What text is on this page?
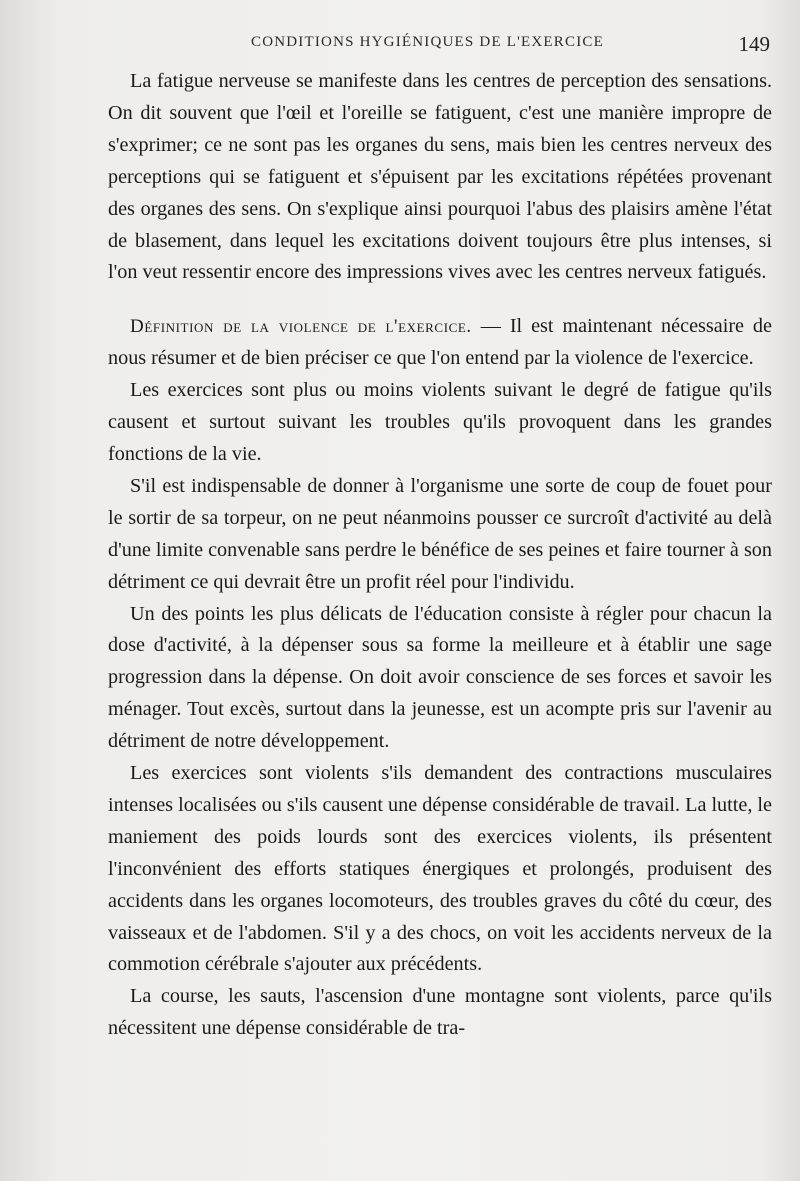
CONDITIONS HYGIÉNIQUES DE L'EXERCICE	149

La fatigue nerveuse se manifeste dans les centres de perception des sensations. On dit souvent que l'œil et l'oreille se fatiguent, c'est une manière impropre de s'exprimer; ce ne sont pas les organes du sens, mais bien les centres nerveux des perceptions qui se fatiguent et s'épuisent par les excitations répétées provenant des organes des sens. On s'explique ainsi pourquoi l'abus des plaisirs amène l'état de blasement, dans lequel les excitations doivent toujours être plus intenses, si l'on veut ressentir encore des impressions vives avec les centres nerveux fatigués.

Définition de la violence de l'exercice. — Il est maintenant nécessaire de nous résumer et de bien préciser ce que l'on entend par la violence de l'exercice.

Les exercices sont plus ou moins violents suivant le degré de fatigue qu'ils causent et surtout suivant les troubles qu'ils provoquent dans les grandes fonctions de la vie.

S'il est indispensable de donner à l'organisme une sorte de coup de fouet pour le sortir de sa torpeur, on ne peut néanmoins pousser ce surcroît d'activité au delà d'une limite convenable sans perdre le bénéfice de ses peines et faire tourner à son détriment ce qui devrait être un profit réel pour l'individu.

Un des points les plus délicats de l'éducation consiste à régler pour chacun la dose d'activité, à la dépenser sous sa forme la meilleure et à établir une sage progression dans la dépense. On doit avoir conscience de ses forces et savoir les ménager. Tout excès, surtout dans la jeunesse, est un acompte pris sur l'avenir au détriment de notre développement.

Les exercices sont violents s'ils demandent des contractions musculaires intenses localisées ou s'ils causent une dépense considérable de travail. La lutte, le maniement des poids lourds sont des exercices violents, ils présentent l'inconvénient des efforts statiques énergiques et prolongés, produisent des accidents dans les organes locomoteurs, des troubles graves du côté du cœur, des vaisseaux et de l'abdomen. S'il y a des chocs, on voit les accidents nerveux de la commotion cérébrale s'ajouter aux précédents.

La course, les sauts, l'ascension d'une montagne sont violents, parce qu'ils nécessitent une dépense considérable de tra-
